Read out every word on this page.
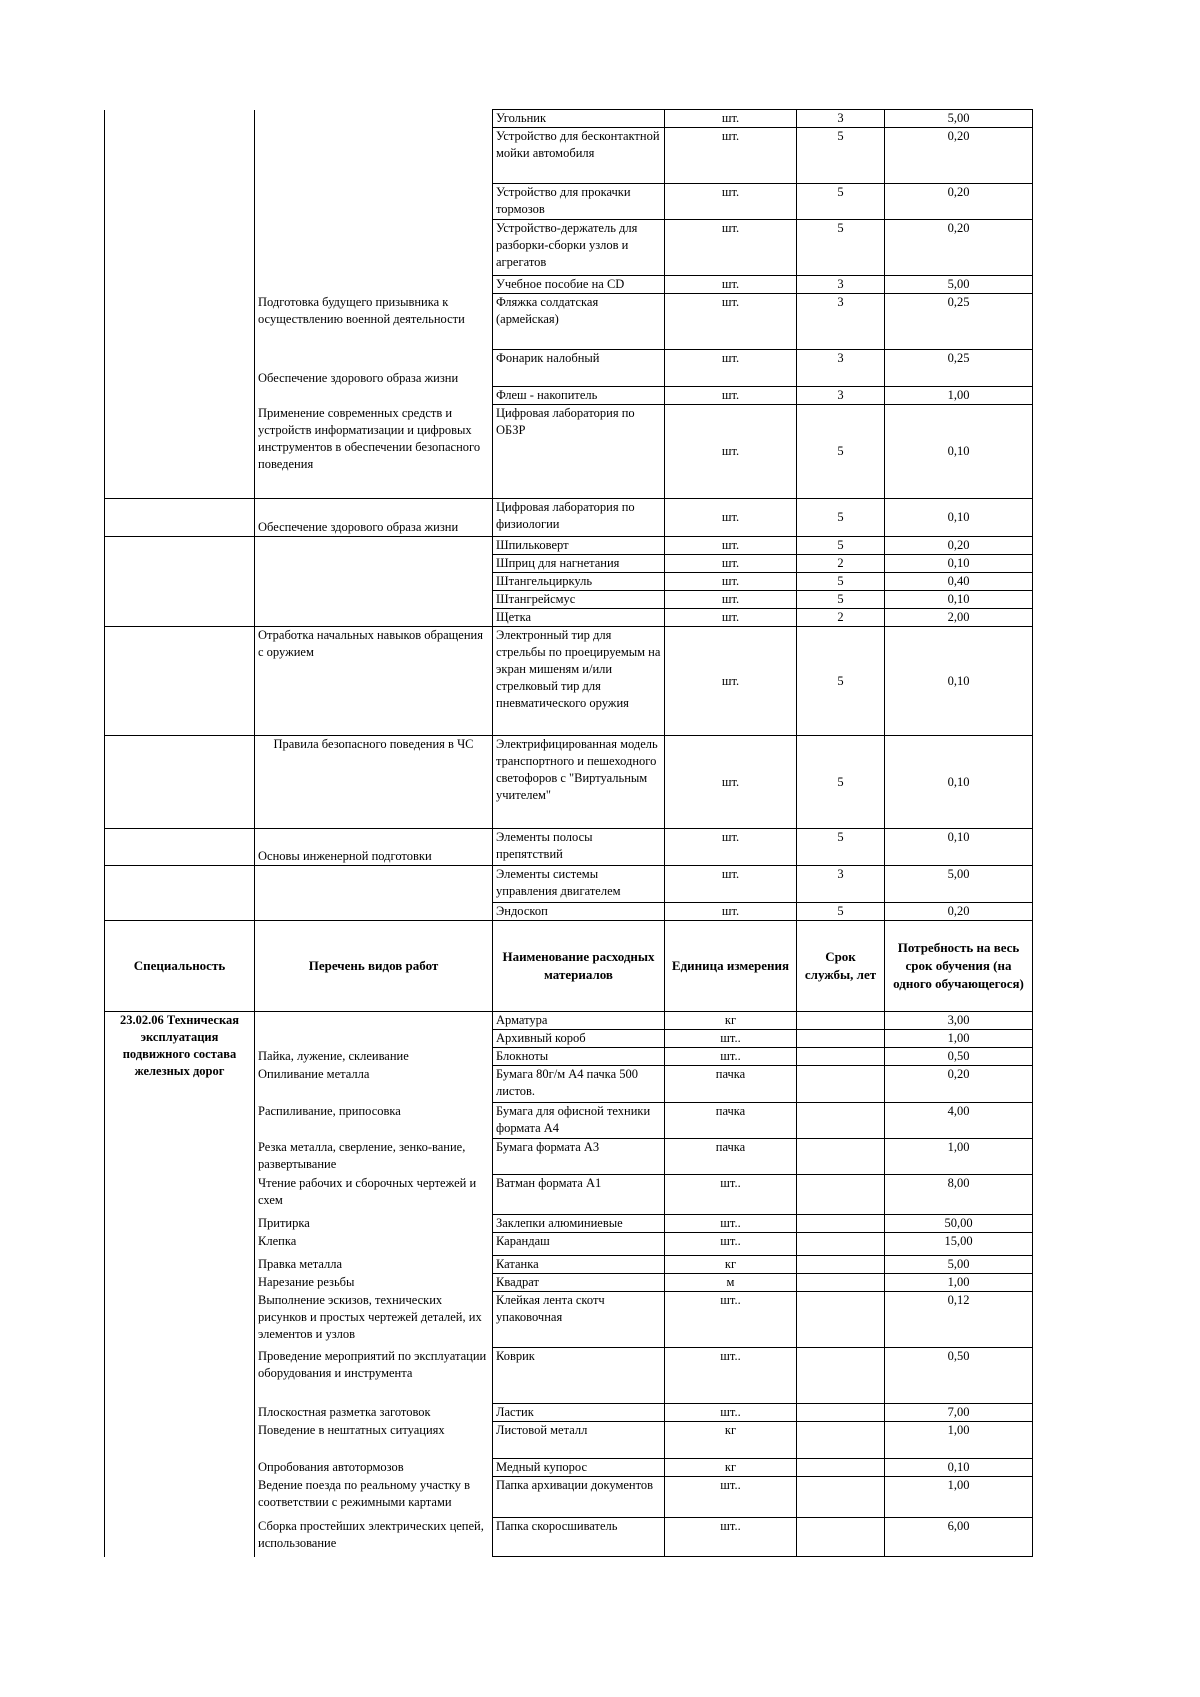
		Угольник	шт.	3	5,00
		Устройство для бесконтактной мойки автомобиля	шт.	5	0,20
		Устройство для прокачки тормозов	шт.	5	0,20
		Устройство-держатель для разборки-сборки узлов и агрегатов	шт.	5	0,20
		Учебное пособие на CD	шт.	3	5,00
	Подготовка будущего призывника к осуществлению военной деятельности	Фляжка солдатская (армейская)	шт.	3	0,25
	Обеспечение здорового образа жизни	Фонарик налобный	шт.	3	0,25
		Флеш - накопитель	шт.	3	1,00
	Применение современных средств и устройств информатизации и цифровых инструментов в обеспечении безопасного поведения	Цифровая лаборатория по ОБЗР	шт.	5	0,10
	Обеспечение здорового образа жизни	Цифровая лаборатория по физиологии	шт.	5	0,10
		Шпильковерт	шт.	5	0,20
		Шприц для нагнетания	шт.	2	0,10
		Штангельциркуль	шт.	5	0,40
		Штангрейсмус	шт.	5	0,10
		Щетка	шт.	2	2,00
	Отработка начальных навыков обращения с оружием	Электронный тир для стрельбы по проецируемым на экран мишеням и/или стрелковый тир для пневматического оружия	шт.	5	0,10
	Правила безопасного поведения в ЧС	Электрифицированная модель транспортного и пешеходного светофоров с "Виртуальным учителем"	шт.	5	0,10
	Основы инженерной подготовки	Элементы полосы препятствий	шт.	5	0,10
		Элементы системы управления двигателем	шт.	3	5,00
		Эндоскоп	шт.	5	0,20
Специальность	Перечень видов работ	Наименование расходных материалов	Единица измерения	Срок службы, лет	Потребность на весь срок обучения (на одного обучающегося)
23.02.06 Техническая эксплуатация подвижного состава железных дорог		Арматура	кг		3,00
		Архивный короб	шт..		1,00
	Пайка, лужение, склеивание	Блокноты	шт..		0,50
	Опиливание металла	Бумага 80г/м А4 пачка 500 листов.	пачка		0,20
	Распиливание, припосовка	Бумага для офисной техники формата А4	пачка		4,00
	Резка металла, сверление, зенко-вание, развертывание	Бумага формата А3	пачка		1,00
	Чтение рабочих и сборочных чертежей и схем	Ватман формата А1	шт..		8,00
	Притирка	Заклепки алюминиевые	шт..		50,00
	Клепка	Карандаш	шт..		15,00
	Правка металла	Катанка	кг		5,00
	Нарезание резьбы	Квадрат	м		1,00
	Выполнение эскизов, технических рисунков и простых чертежей деталей, их элементов и узлов	Клейкая лента скотч упаковочная	шт..		0,12
	Проведение мероприятий по эксплуатации оборудования и инструмента	Коврик	шт..		0,50
	Плоскостная разметка заготовок	Ластик	шт..		7,00
	Поведение в нештатных ситуациях	Листовой металл	кг		1,00
	Опробования автотормозов	Медный купорос	кг		0,10
	Ведение поезда по реальному участку в соответствии с режимными картами	Папка архивации документов	шт..		1,00
	Сборка простейших электрических цепей, использование	Папка скоросшиватель	шт..		6,00
